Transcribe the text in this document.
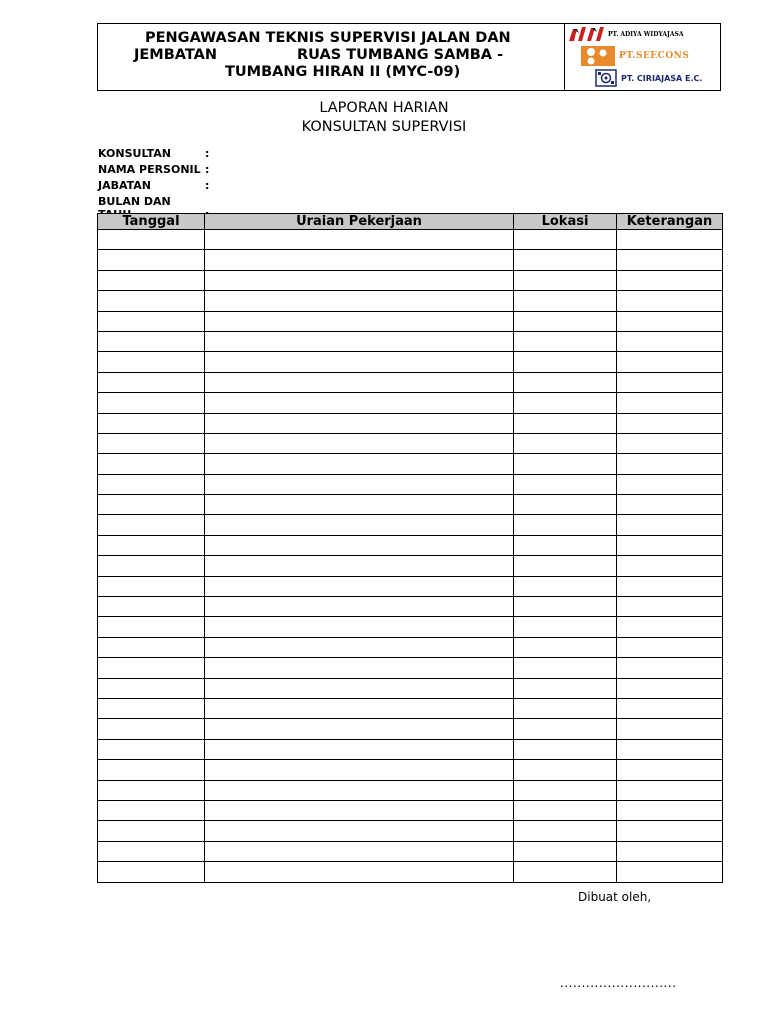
PENGAWASAN TEKNIS SUPERVISI JALAN DAN
JEMBATAN	RUAS TUMBANG SAMBA -
TUMBANG HIRAN II (MYC-09)
PT. ADIYA WIDYAJASA
PT.SEECONS
PT. CIRIAJASA E.C.
LAPORAN HARIAN
KONSULTAN SUPERVISI
KONSULTAN	:
NAMA PERSONIL :
JABATAN	:
BULAN DAN
Tanggal	Uraian Pekerjaan	Lokasi	Keterangan

Dibuat oleh,
...........................
